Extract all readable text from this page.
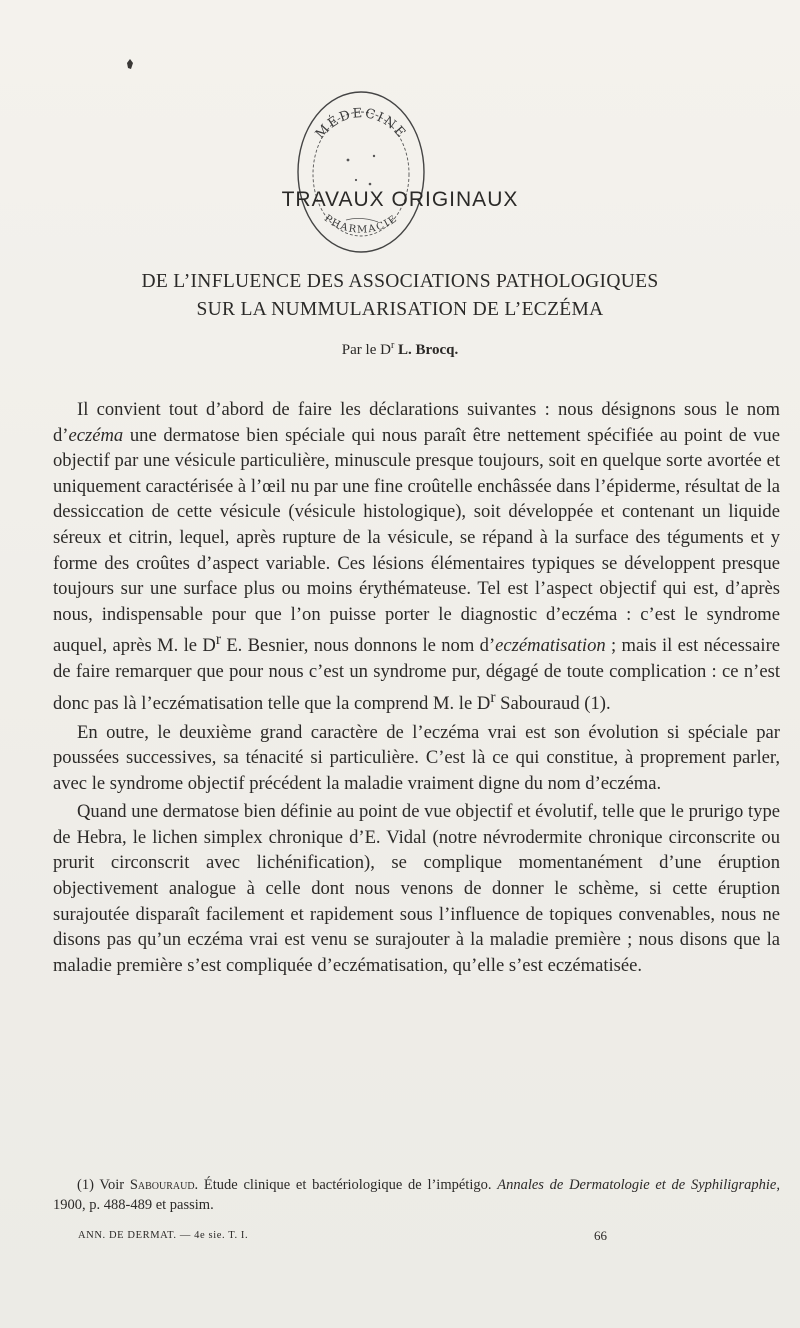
MÉDECINE
PHARMACIE
TRAVAUX ORIGINAUX
DE L’INFLUENCE DES ASSOCIATIONS PATHOLOGIQUES
SUR LA NUMMULARISATION DE L’ECZÉMA
Par le $D^r$ L. Brocq.

Il convient tout d’abord de faire les déclarations suivantes : nous désignons sous le nom d’eczéma une dermatose bien spéciale qui nous paraît être nettement spécifiée au point de vue objectif par une vésicule particulière, minuscule presque toujours, soit en quelque sorte avortée et uniquement caractérisée à l’œil nu par une fine croûtelle enchâssée dans l’épiderme, résultat de la dessiccation de cette vésicule (vésicule histologique), soit développée et contenant un liquide séreux et citrin, lequel, après rupture de la vésicule, se répand à la surface des téguments et y forme des croûtes d’aspect variable. Ces lésions élémentaires typiques se développent presque toujours sur une surface plus ou moins érythémateuse. Tel est l’aspect objectif qui est, d’après nous, indispensable pour que l’on puisse porter le diagnostic d’eczéma : c’est le syndrome auquel, après M. le $D^r$ E. Besnier, nous donnons le nom d’eczématisation ; mais il est nécessaire de faire remarquer que pour nous c’est un syndrome pur, dégagé de toute complication : ce n’est donc pas là l’eczématisation telle que la comprend M. le $D^r$ Sabouraud (1).

En outre, le deuxième grand caractère de l’eczéma vrai est son évolution si spéciale par poussées successives, sa ténacité si particulière. C’est là ce qui constitue, à proprement parler, avec le syndrome objectif précédent la maladie vraiment digne du nom d’eczéma.

Quand une dermatose bien définie au point de vue objectif et évolutif, telle que le prurigo type de Hebra, le lichen simplex chronique d’E. Vidal (notre névrodermite chronique circonscrite ou prurit circonscrit avec lichénification), se complique momentanément d’une éruption objectivement analogue à celle dont nous venons de donner le schème, si cette éruption surajoutée disparaît facilement et rapidement sous l’influence de topiques convenables, nous ne disons pas qu’un eczéma vrai est venu se surajouter à la maladie première ; nous disons que la maladie première s’est compliquée d’eczématisation, qu’elle s’est eczématisée.

(1) Voir Sabouraud. Étude clinique et bactériologique de l’impétigo. Annales de Dermatologie et de Syphiligraphie, 1900, p. 488-489 et passim.

ANN. DE DERMAT. — 4e sie. T. I.	66
